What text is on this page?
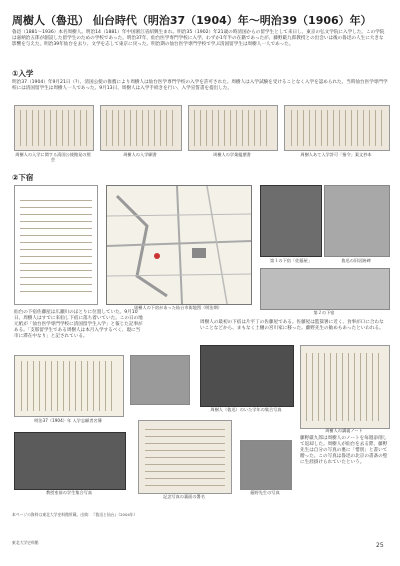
周樹人（魯迅） 仙台時代（明治37（1904）年〜明治39（1906）年）
魯迅（1881〜1936）本名周樹人。明治14（1881）年中国浙江省紹興生まれ。明治35（1902）年21歳の時清国からの留学生として来日し、東京の弘文学院に入学した。この学院は嘉納治五郎が創設した留学生のための学校であった。明治37年、仙台医学専門学校に入学。わずか1年半の在籍であったが、藤野厳九郎教授との出会いは後の魯迅の人生に大きな影響を与えた。明治39年仙台を去り、文学を志して東京に戻った。明治期の仙台医学専門学校で学ぶ清国留学生は周樹人一人であった。
①入学
明治37（1904）年9月21日（?）、清国公使の推薦により周樹人は仙台医学専門学校の入学を許可された。周樹人は入学試験を受けることなく入学を認められた。当時仙台医学専門学校には清国留学生は周樹人一人であった。9月13日、周樹人は入学手続きを行い、入学宣誓書を提出した。
周樹人の入学に関する清国公使館発の照会
周樹人の入学願書	周樹人の学業履歴書	周樹人あて入学許可「指令」案文抄本
②下宿
周樹人の下宿があった仙台市街地図（明治期）
第１の下宿「佐藤屋」	魯迅の旧居跡碑
第２の下宿
仙台の下宿佐藤屋は広瀬川のほとりに位置していた。9月10日、周樹人はすでに来仙し下宿に落ち着いていた。この日の地元紙が「仙台医学専門学校に清国留学生入学」と報じた記事がある。「支那留学生である周樹人は本月入学するべく、現に当市に滞在中なり」と記されている。
周樹人の最初の下宿は片平丁の佐藤屋である。佐藤屋は監獄署に近く、食事が口に合わないことなどから、まもなく土樋の宮川家に移った。藤野先生の勧めもあったといわれる。
明治37（1904）年 入学志願者名簿
周樹人（魯迅）のいた学年の集合写真
周樹人の講義ノート
教授室前の学生集合写真
記念写真の裏面の署名
藤野先生の写真
藤野厳九郎は周樹人のノートを毎週添削して返却した。周樹人が仙台を去る際、藤野先生は自分の写真の裏に「惜別」と書いて贈った。この写真は魯迅の北京の書斎の壁に生涯掛けられていたという。
本ページの資料は東北大学史料館所蔵。出典：『魯迅と仙台』（2004年）
東北大学史料館	25
